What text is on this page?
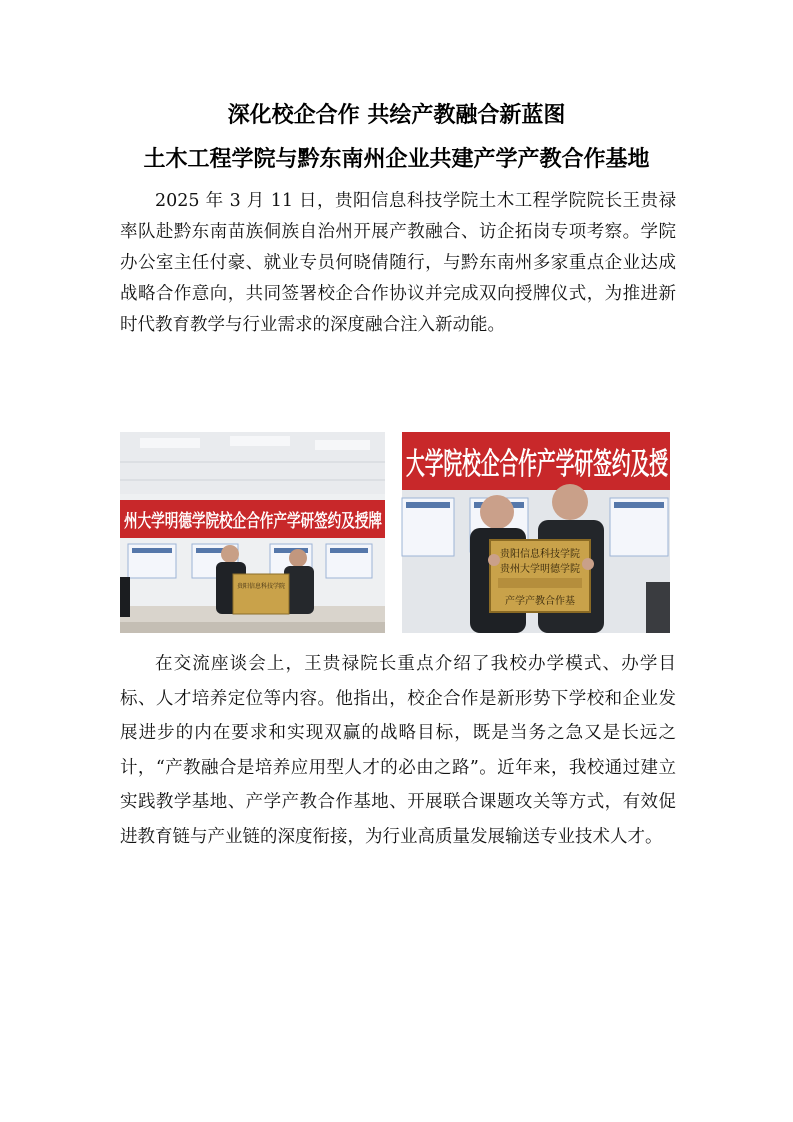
深化校企合作 共绘产教融合新蓝图
土木工程学院与黔东南州企业共建产学产教合作基地

2025 年 3 月 11 日，贵阳信息科技学院土木工程学院院长王贵禄率队赴黔东南苗族侗族自治州开展产教融合、访企拓岗专项考察。学院办公室主任付豪、就业专员何晓倩随行，与黔东南州多家重点企业达成战略合作意向，共同签署校企合作协议并完成双向授牌仪式，为推进新时代教育教学与行业需求的深度融合注入新动能。

州大学明德学院校企合作产学研签约及授牌
贵阳信息科技学院
大学院校企合作产学研签约及授
贵阳信息科技学院
贵州大学明德学院
产学产教合作基

在交流座谈会上，王贵禄院长重点介绍了我校办学模式、办学目标、人才培养定位等内容。他指出，校企合作是新形势下学校和企业发展进步的内在要求和实现双赢的战略目标，既是当务之急又是长远之计，“产教融合是培养应用型人才的必由之路”。近年来，我校通过建立实践教学基地、产学产教合作基地、开展联合课题攻关等方式，有效促进教育链与产业链的深度衔接，为行业高质量发展输送专业技术人才。
